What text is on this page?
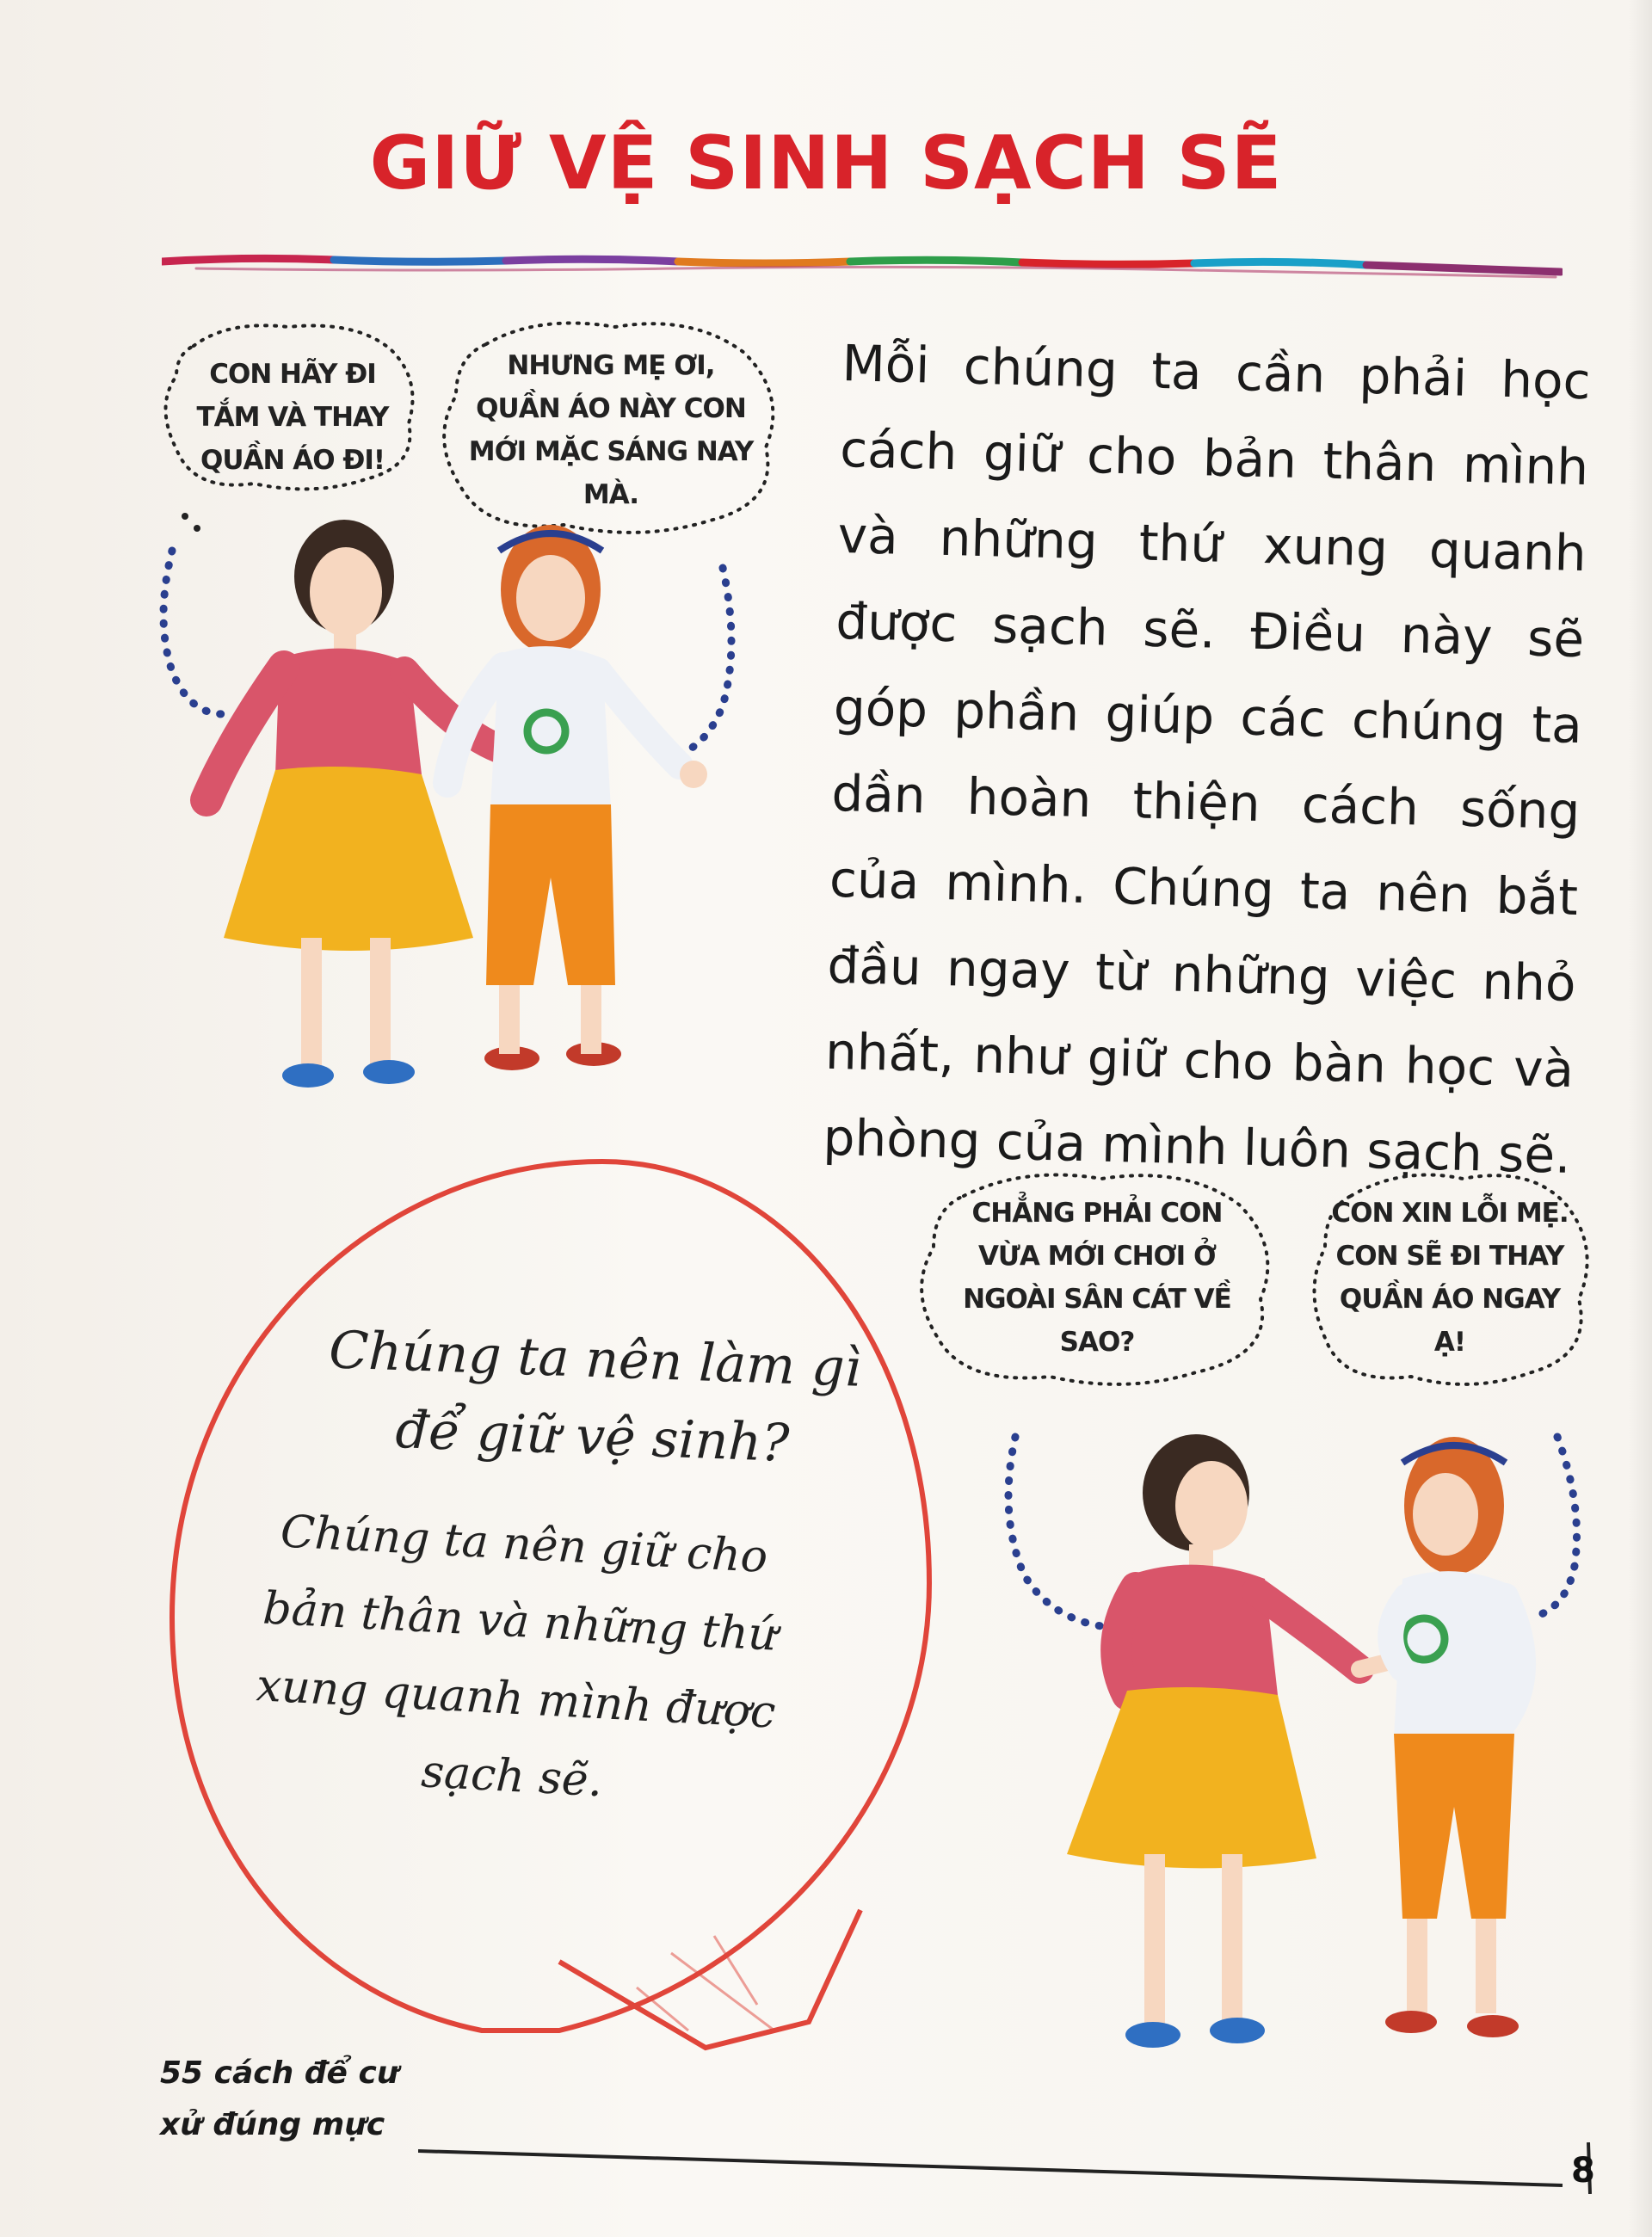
GIỮ VỆ SINH SẠCH SẼ

Mỗi chúng ta cần phải học cách giữ cho bản thân mình và những thứ xung quanh được sạch sẽ. Điều này sẽ góp phần giúp các chúng ta dần hoàn thiện cách sống của mình. Chúng ta nên bắt đầu ngay từ những việc nhỏ nhất, như giữ cho bàn học và phòng của mình luôn sạch sẽ.

CON HÃY ĐI TẮM VÀ THAY QUẦN ÁO ĐI!
NHƯNG MẸ ƠI, QUẦN ÁO NÀY CON MỚI MẶC SÁNG NAY MÀ.

Chúng ta nên làm gì để giữ vệ sinh?

Chúng ta nên giữ cho bản thân và những thứ xung quanh mình được sạch sẽ.

CHẲNG PHẢI CON VỪA MỚI CHƠI Ở NGOÀI SÂN CÁT VỀ SAO?
CON XIN LỖI MẸ. CON SẼ ĐI THAY QUẦN ÁO NGAY Ạ!

55 cách để cư xử đúng mực

8
